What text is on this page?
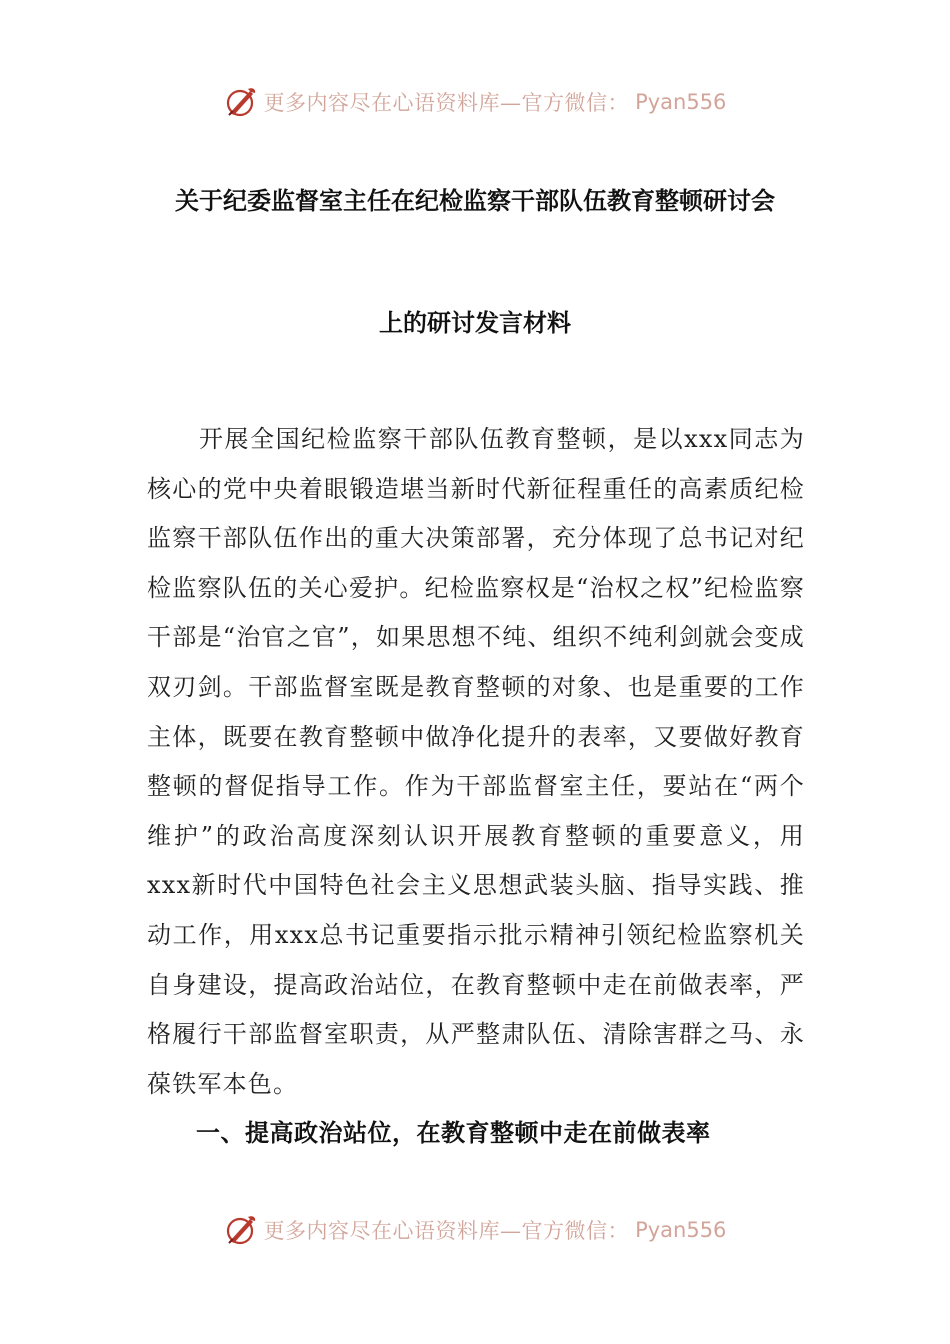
更多内容尽在心语资料库—官方微信： Pyan556
关于纪委监督室主任在纪检监察干部队伍教育整顿研讨会
上的研讨发言材料

开展全国纪检监察干部队伍教育整顿，是以xxx同志为核心的党中央着眼锻造堪当新时代新征程重任的高素质纪检监察干部队伍作出的重大决策部署，充分体现了总书记对纪检监察队伍的关心爱护。纪检监察权是“治权之权”纪检监察干部是“治官之官”，如果思想不纯、组织不纯利剑就会变成双刃剑。干部监督室既是教育整顿的对象、也是重要的工作主体，既要在教育整顿中做净化提升的表率，又要做好教育整顿的督促指导工作。作为干部监督室主任，要站在“两个维护”的政治高度深刻认识开展教育整顿的重要意义，用xxx新时代中国特色社会主义思想武装头脑、指导实践、推动工作，用xxx总书记重要指示批示精神引领纪检监察机关自身建设，提高政治站位，在教育整顿中走在前做表率，严格履行干部监督室职责，从严整肃队伍、清除害群之马、永葆铁军本色。

一、提高政治站位，在教育整顿中走在前做表率
更多内容尽在心语资料库—官方微信： Pyan556
